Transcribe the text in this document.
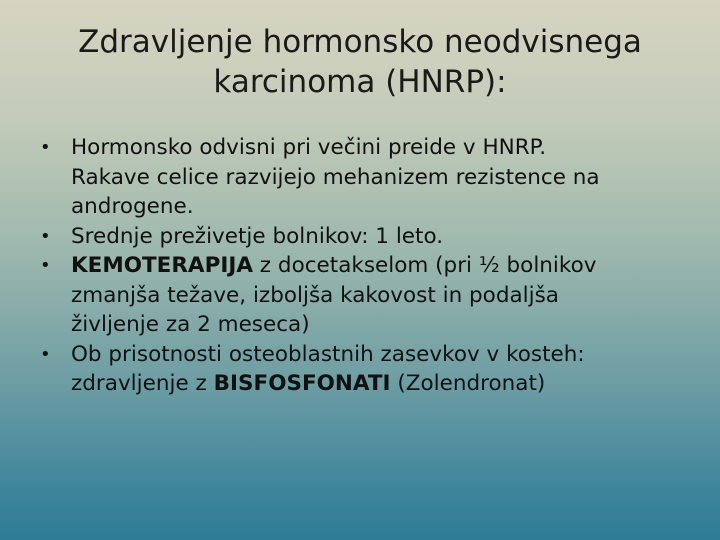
Zdravljenje hormonsko neodvisnega
karcinoma (HNRP):
• Hormonsko odvisni pri večini preide v HNRP.
Rakave celice razvijejo mehanizem rezistence na
androgene.
• Srednje preživetje bolnikov: 1 leto.
• KEMOTERAPIJA z docetakselom (pri ½ bolnikov
zmanjša težave, izboljša kakovost in podaljša
življenje za 2 meseca)
• Ob prisotnosti osteoblastnih zasevkov v kosteh:
zdravljenje z BISFOSFONATI (Zolendronat)
